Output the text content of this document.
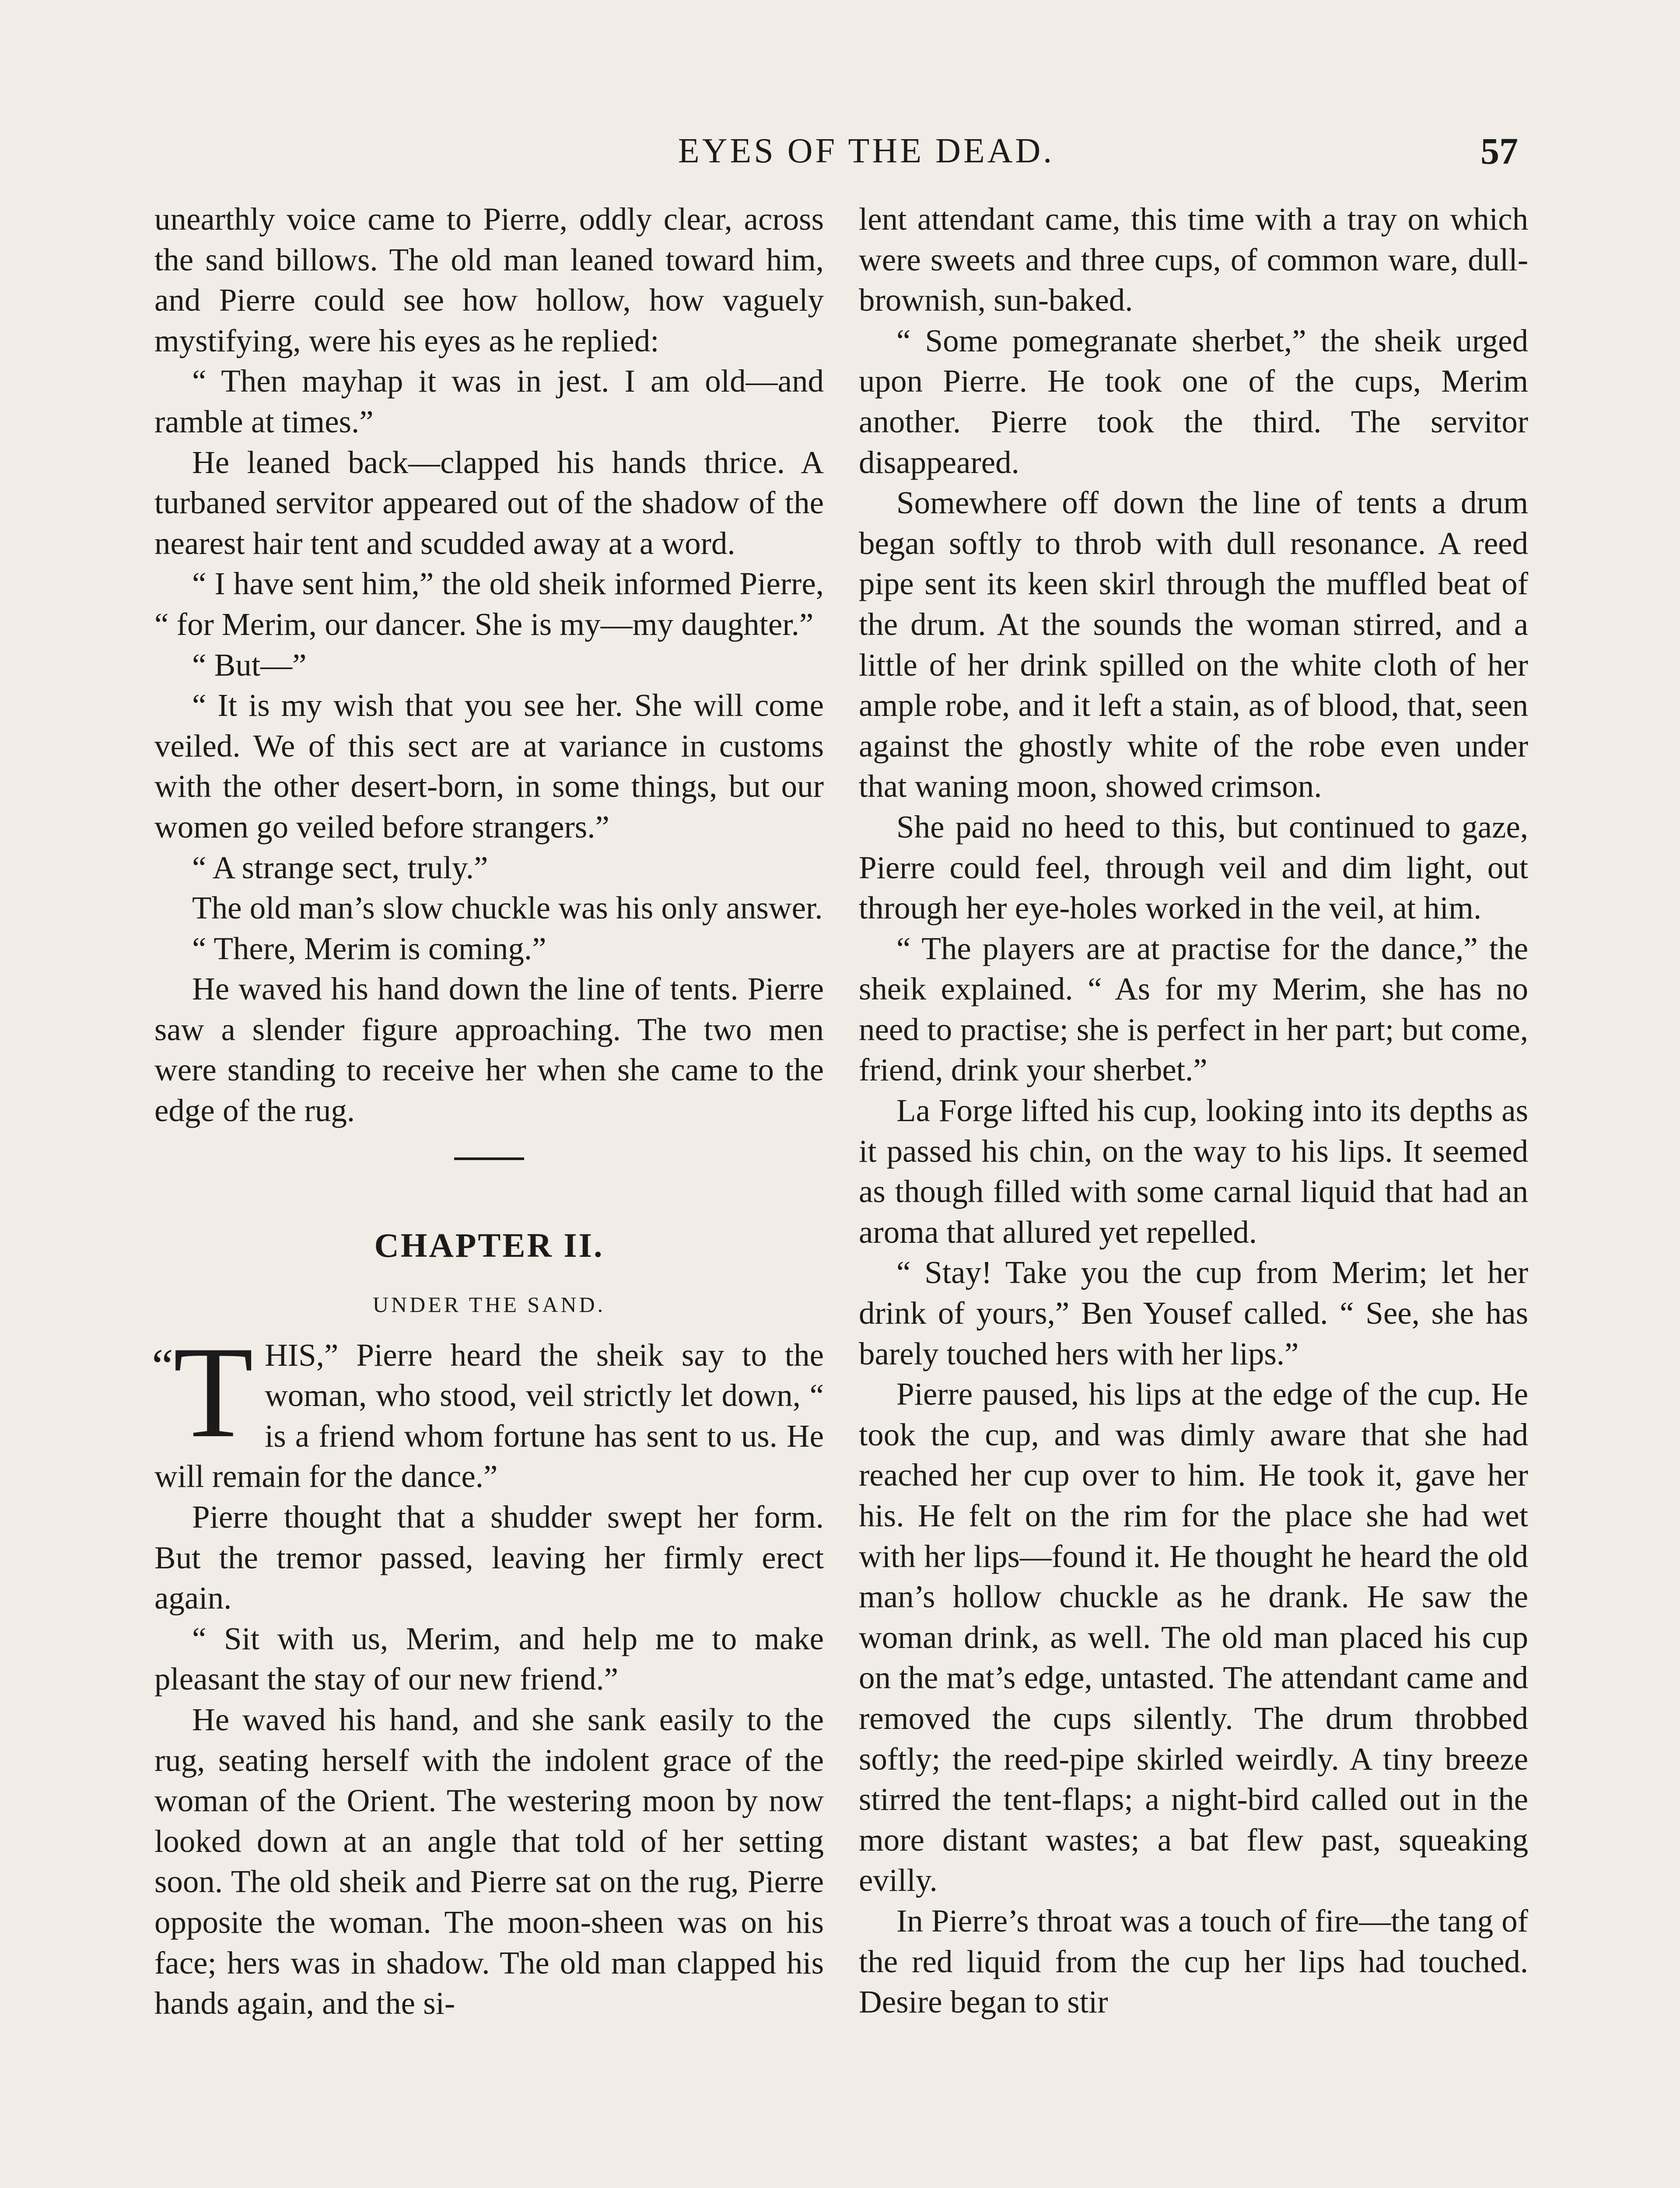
EYES OF THE DEAD.	57

unearthly voice came to Pierre, oddly clear, across the sand billows. The old man leaned toward him, and Pierre could see how hollow, how vaguely mystifying, were his eyes as he replied:

“ Then mayhap it was in jest. I am old—and ramble at times.”

He leaned back—clapped his hands thrice. A turbaned servitor appeared out of the shadow of the nearest hair tent and scudded away at a word.

“ I have sent him,” the old sheik informed Pierre, “ for Merim, our dancer. She is my—my daughter.”

“ But—”

“ It is my wish that you see her. She will come veiled. We of this sect are at variance in customs with the other desert-born, in some things, but our women go veiled before strangers.”

“ A strange sect, truly.”

The old man’s slow chuckle was his only answer.

“ There, Merim is coming.”

He waved his hand down the line of tents. Pierre saw a slender figure approaching. The two men were standing to receive her when she came to the edge of the rug.

CHAPTER II.
UNDER THE SAND.

“T HIS,” Pierre heard the sheik say to the woman, who stood, veil strictly let down, “ is a friend whom fortune has sent to us. He will remain for the dance.”

Pierre thought that a shudder swept her form. But the tremor passed, leaving her firmly erect again.

“ Sit with us, Merim, and help me to make pleasant the stay of our new friend.”

He waved his hand, and she sank easily to the rug, seating herself with the indolent grace of the woman of the Orient. The westering moon by now looked down at an angle that told of her setting soon. The old sheik and Pierre sat on the rug, Pierre opposite the woman. The moon-sheen was on his face; hers was in shadow. The old man clapped his hands again, and the si-

lent attendant came, this time with a tray on which were sweets and three cups, of common ware, dull-brownish, sun-baked.

“ Some pomegranate sherbet,” the sheik urged upon Pierre. He took one of the cups, Merim another. Pierre took the third. The servitor disappeared.

Somewhere off down the line of tents a drum began softly to throb with dull resonance. A reed pipe sent its keen skirl through the muffled beat of the drum. At the sounds the woman stirred, and a little of her drink spilled on the white cloth of her ample robe, and it left a stain, as of blood, that, seen against the ghostly white of the robe even under that waning moon, showed crimson.

She paid no heed to this, but continued to gaze, Pierre could feel, through veil and dim light, out through her eye-holes worked in the veil, at him.

“ The players are at practise for the dance,” the sheik explained. “ As for my Merim, she has no need to practise; she is perfect in her part; but come, friend, drink your sherbet.”

La Forge lifted his cup, looking into its depths as it passed his chin, on the way to his lips. It seemed as though filled with some carnal liquid that had an aroma that allured yet repelled.

“ Stay! Take you the cup from Merim; let her drink of yours,” Ben Yousef called. “ See, she has barely touched hers with her lips.”

Pierre paused, his lips at the edge of the cup. He took the cup, and was dimly aware that she had reached her cup over to him. He took it, gave her his. He felt on the rim for the place she had wet with her lips—found it. He thought he heard the old man’s hollow chuckle as he drank. He saw the woman drink, as well. The old man placed his cup on the mat’s edge, untasted. The attendant came and removed the cups silently. The drum throbbed softly; the reed-pipe skirled weirdly. A tiny breeze stirred the tent-flaps; a night-bird called out in the more distant wastes; a bat flew past, squeaking evilly.

In Pierre’s throat was a touch of fire—the tang of the red liquid from the cup her lips had touched. Desire began to stir
